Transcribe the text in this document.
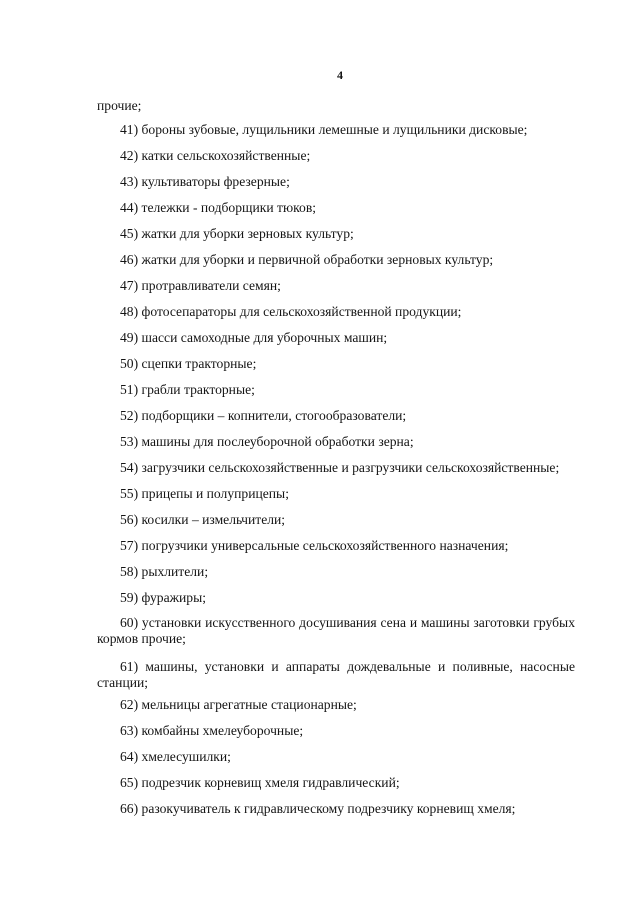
4
прочие;
41) бороны зубовые, лущильники лемешные и лущильники дисковые;
42) катки сельскохозяйственные;
43) культиваторы фрезерные;
44) тележки - подборщики тюков;
45) жатки для уборки зерновых культур;
46) жатки для уборки и первичной обработки зерновых культур;
47) протравливатели семян;
48) фотосепараторы для сельскохозяйственной продукции;
49) шасси самоходные для уборочных машин;
50) сцепки тракторные;
51) грабли тракторные;
52) подборщики – копнители, стогообразователи;
53) машины для послеуборочной обработки зерна;
54) загрузчики сельскохозяйственные и разгрузчики сельскохозяйственные;
55) прицепы и полуприцепы;
56) косилки – измельчители;
57) погрузчики универсальные сельскохозяйственного назначения;
58) рыхлители;
59) фуражиры;
60) установки искусственного досушивания сена и машины заготовки грубых кормов прочие;
61) машины, установки и аппараты дождевальные и поливные, насосные станции;
62) мельницы агрегатные стационарные;
63) комбайны хмелеуборочные;
64) хмелесушилки;
65) подрезчик корневищ хмеля гидравлический;
66) разокучиватель к гидравлическому подрезчику корневищ хмеля;
